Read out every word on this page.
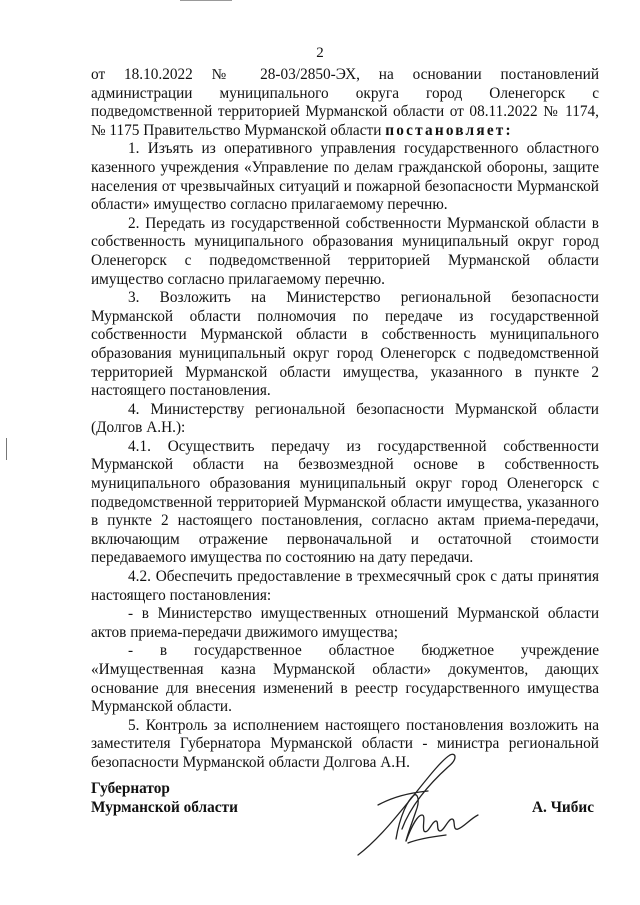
2

от 18.10.2022 № 28-03/2850-ЭХ, на основании постановлений администрации муниципального округа город Оленегорск с подведомственной территорией Мурманской области от 08.11.2022 № 1174, № 1175 Правительство Мурманской области постановляет:

1. Изъять из оперативного управления государственного областного казенного учреждения «Управление по делам гражданской обороны, защите населения от чрезвычайных ситуаций и пожарной безопасности Мурманской области» имущество согласно прилагаемому перечню.

2. Передать из государственной собственности Мурманской области в собственность муниципального образования муниципальный округ город Оленегорск с подведомственной территорией Мурманской области имущество согласно прилагаемому перечню.

3. Возложить на Министерство региональной безопасности Мурманской области полномочия по передаче из государственной собственности Мурманской области в собственность муниципального образования муниципальный округ город Оленегорск с подведомственной территорией Мурманской области имущества, указанного в пункте 2 настоящего постановления.

4. Министерству региональной безопасности Мурманской области (Долгов А.Н.):

4.1. Осуществить передачу из государственной собственности Мурманской области на безвозмездной основе в собственность муниципального образования муниципальный округ город Оленегорск с подведомственной территорией Мурманской области имущества, указанного в пункте 2 настоящего постановления, согласно актам приема-передачи, включающим отражение первоначальной и остаточной стоимости передаваемого имущества по состоянию на дату передачи.

4.2. Обеспечить предоставление в трехмесячный срок с даты принятия настоящего постановления:

- в Министерство имущественных отношений Мурманской области актов приема-передачи движимого имущества;

- в государственное областное бюджетное учреждение «Имущественная казна Мурманской области» документов, дающих основание для внесения изменений в реестр государственного имущества Мурманской области.

5. Контроль за исполнением настоящего постановления возложить на заместителя Губернатора Мурманской области - министра региональной безопасности Мурманской области Долгова А.Н.

Губернатор
Мурманской области	А. Чибис
